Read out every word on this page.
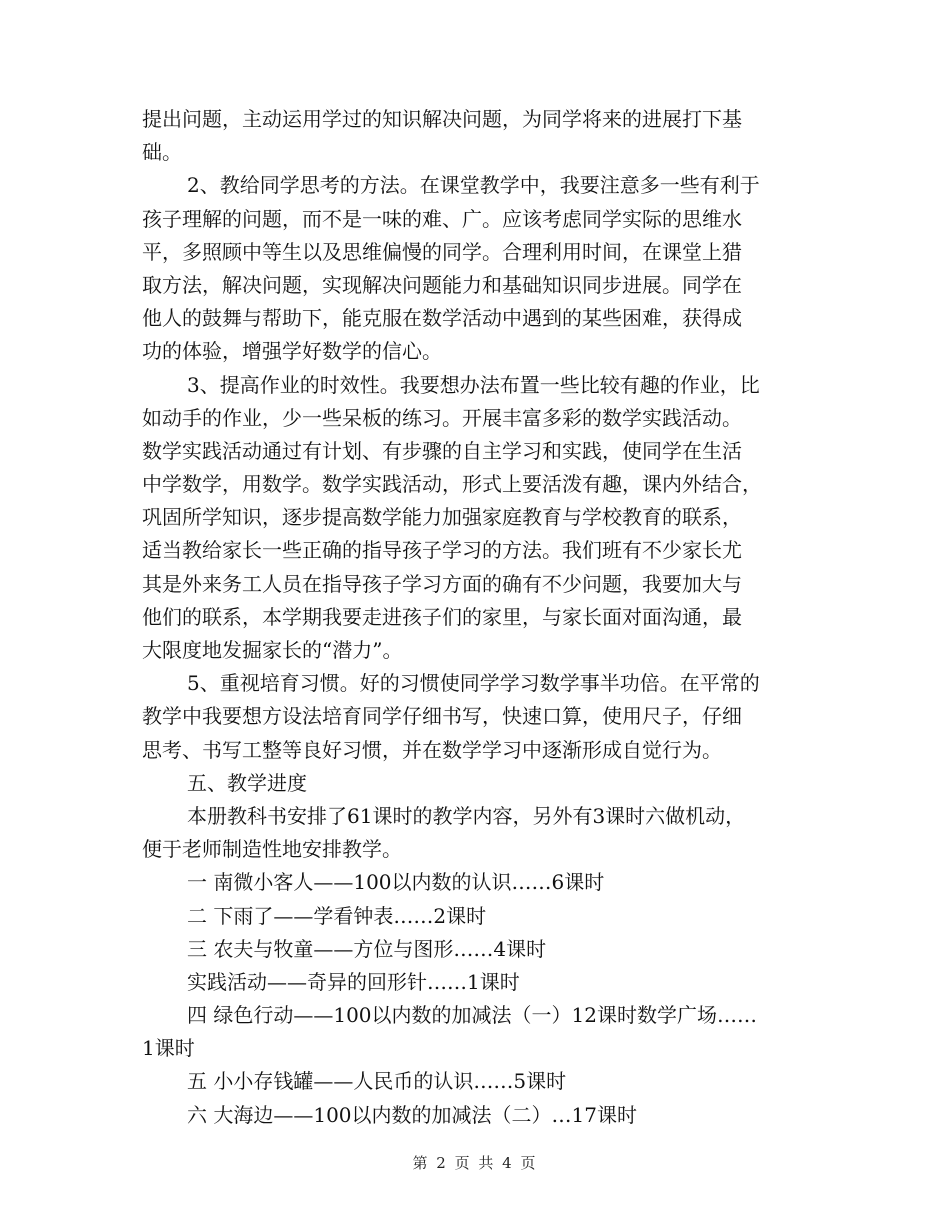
提出问题，主动运用学过的知识解决问题，为同学将来的进展打下基
础。
2、教给同学思考的方法。在课堂教学中，我要注意多一些有利于
孩子理解的问题，而不是一味的难、广。应该考虑同学实际的思维水
平，多照顾中等生以及思维偏慢的同学。合理利用时间，在课堂上猎
取方法，解决问题，实现解决问题能力和基础知识同步进展。同学在
他人的鼓舞与帮助下，能克服在数学活动中遇到的某些困难，获得成
功的体验，增强学好数学的信心。
3、提高作业的时效性。我要想办法布置一些比较有趣的作业，比
如动手的作业，少一些呆板的练习。开展丰富多彩的数学实践活动。
数学实践活动通过有计划、有步骤的自主学习和实践，使同学在生活
中学数学，用数学。数学实践活动，形式上要活泼有趣，课内外结合，
巩固所学知识，逐步提高数学能力加强家庭教育与学校教育的联系，
适当教给家长一些正确的指导孩子学习的方法。我们班有不少家长尤
其是外来务工人员在指导孩子学习方面的确有不少问题，我要加大与
他们的联系，本学期我要走进孩子们的家里，与家长面对面沟通，最
大限度地发掘家长的“潜力”。
5、重视培育习惯。好的习惯使同学学习数学事半功倍。在平常的
教学中我要想方设法培育同学仔细书写，快速口算，使用尺子，仔细
思考、书写工整等良好习惯，并在数学学习中逐渐形成自觉行为。
五、教学进度
本册教科书安排了61课时的教学内容，另外有3课时六做机动，
便于老师制造性地安排教学。
一 南微小客人——100以内数的认识……6课时
二 下雨了——学看钟表……2课时
三 农夫与牧童——方位与图形……4课时
实践活动——奇异的回形针……1课时
四 绿色行动——100以内数的加减法（一）12课时数学广场……
1课时
五 小小存钱罐——人民币的认识……5课时
六 大海边——100以内数的加减法（二）…17课时
第 2 页 共 4 页
